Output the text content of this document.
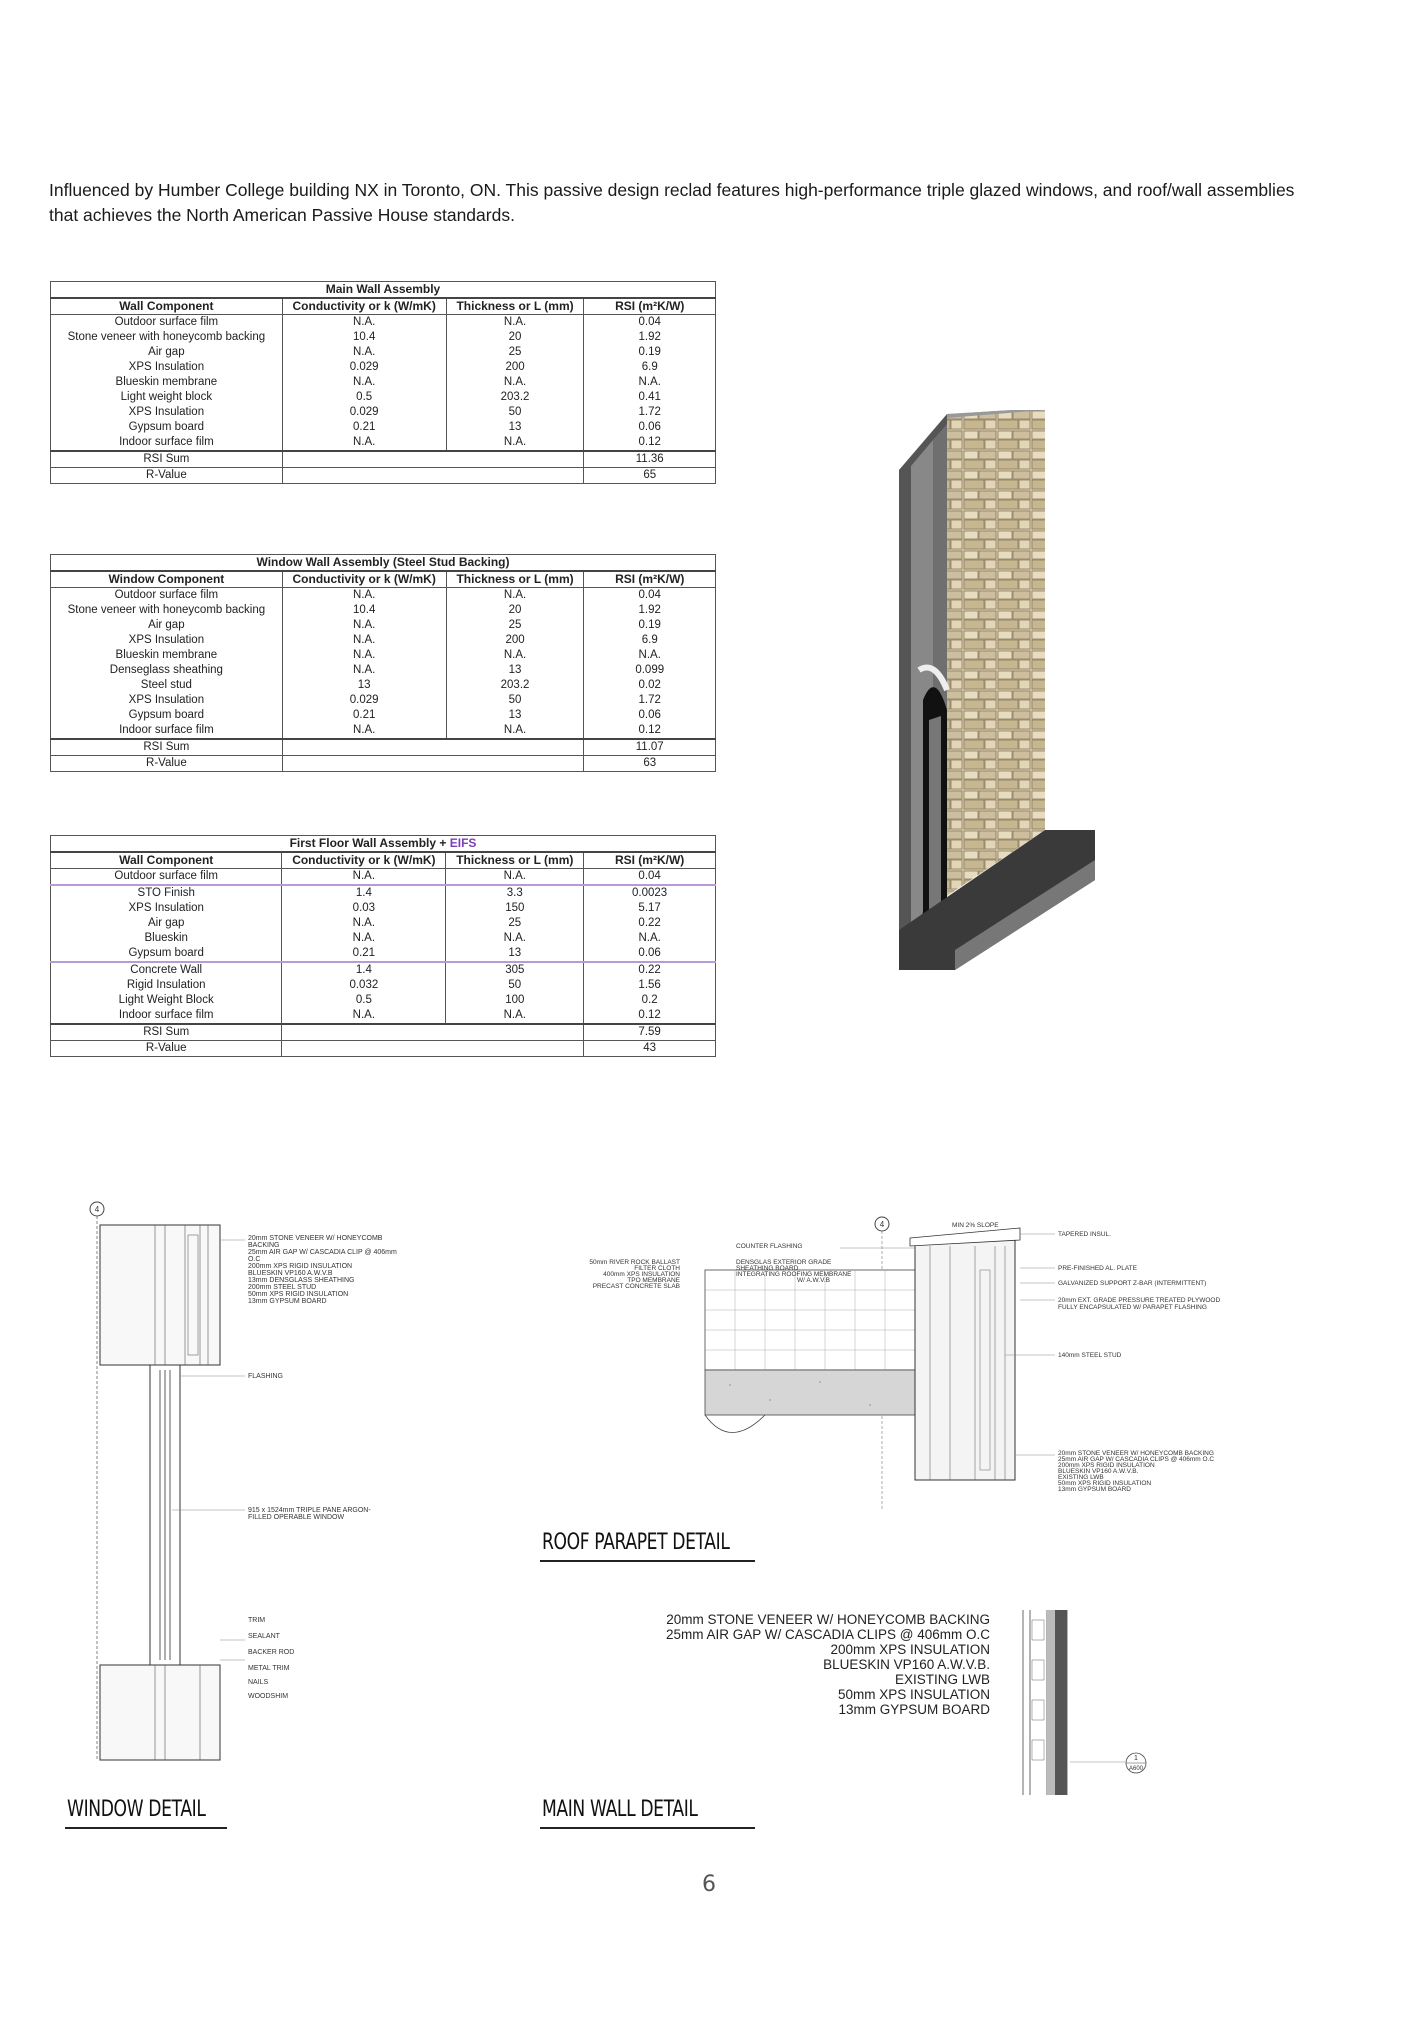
Influenced by Humber College building NX in Toronto, ON. This passive design reclad features high-performance triple glazed windows, and roof/wall assemblies that achieves the North American Passive House standards.
Main Wall Assembly			
Wall Component	Conductivity or k (W/mK)	Thickness or L (mm)	RSI (m²K/W)
Outdoor surface film	N.A.	N.A.	0.04
Stone veneer with honeycomb backing	10.4	20	1.92
Air gap	N.A.	25	0.19
XPS Insulation	0.029	200	6.9
Blueskin membrane	N.A.	N.A.	N.A.
Light weight block	0.5	203.2	0.41
XPS Insulation	0.029	50	1.72
Gypsum board	0.21	13	0.06
Indoor surface film	N.A.	N.A.	0.12
RSI Sum			11.36
R-Value			65
Window Wall Assembly (Steel Stud Backing)			
Window Component	Conductivity or k (W/mK)	Thickness or L (mm)	RSI (m²K/W)
Outdoor surface film	N.A.	N.A.	0.04
Stone veneer with honeycomb backing	10.4	20	1.92
Air gap	N.A.	25	0.19
XPS Insulation	N.A.	200	6.9
Blueskin membrane	N.A.	N.A.	N.A.
Denseglass sheathing	N.A.	13	0.099
Steel stud	13	203.2	0.02
XPS Insulation	0.029	50	1.72
Gypsum board	0.21	13	0.06
Indoor surface film	N.A.	N.A.	0.12
RSI Sum			11.07
R-Value			63
First Floor Wall Assembly + EIFS			
Wall Component	Conductivity or k (W/mK)	Thickness or L (mm)	RSI (m²K/W)
Outdoor surface film	N.A.	N.A.	0.04
STO Finish	1.4	3.3	0.0023
XPS Insulation	0.03	150	5.17
Air gap	N.A.	25	0.22
Blueskin	N.A.	N.A.	N.A.
Gypsum board	0.21	13	0.06
Concrete Wall	1.4	305	0.22
Rigid Insulation	0.032	50	1.56
Light Weight Block	0.5	100	0.2
Indoor surface film	N.A.	N.A.	0.12
RSI Sum			7.59
R-Value			43
4
20mm STONE VENEER W/ HONEYCOMB
BACKING
25mm AIR GAP W/ CASCADIA CLIP @ 406mm
O.C
200mm XPS RIGID INSULATION
BLUESKIN VP160 A.W.V.B
13mm DENSGLASS SHEATHING
200mm STEEL STUD
50mm XPS RIGID INSULATION
13mm GYPSUM BOARD
FLASHING
915 x 1524mm TRIPLE PANE ARGON-
FILLED OPERABLE WINDOW
TRIM
SEALANT
BACKER ROD
METAL TRIM
NAILS
WOODSHIM
WINDOW DETAIL
4	MIN 2% SLOPE
TAPERED INSUL.
PRE-FINISHED AL. PLATE
GALVANIZED SUPPORT Z-BAR (INTERMITTENT)
20mm EXT. GRADE PRESSURE TREATED PLYWOOD
FULLY ENCAPSULATED W/ PARAPET FLASHING
140mm STEEL STUD
COUNTER FLASHING
DENSGLAS EXTERIOR GRADE
SHEATHING BOARD
INTEGRATING ROOFING MEMBRANE
W/ A.W.V.B
50mm RIVER ROCK BALLAST
FILTER CLOTH
400mm XPS INSULATION
TPO MEMBRANE
PRECAST CONCRETE SLAB
20mm STONE VENEER W/ HONEYCOMB BACKING
25mm AIR GAP W/ CASCADIA CLIPS @ 406mm O.C
200mm XPS RIGID INSULATION
BLUESKIN VP160 A.W.V.B.
EXISTING LWB
50mm XPS RIGID INSULATION
13mm GYPSUM BOARD
ROOF PARAPET DETAIL
20mm STONE VENEER W/ HONEYCOMB BACKING
25mm AIR GAP W/ CASCADIA CLIPS @ 406mm O.C
200mm XPS INSULATION
BLUESKIN VP160 A.W.V.B.
EXISTING LWB
50mm XPS INSULATION
13mm GYPSUM BOARD
1
A600
MAIN WALL DETAIL
6
